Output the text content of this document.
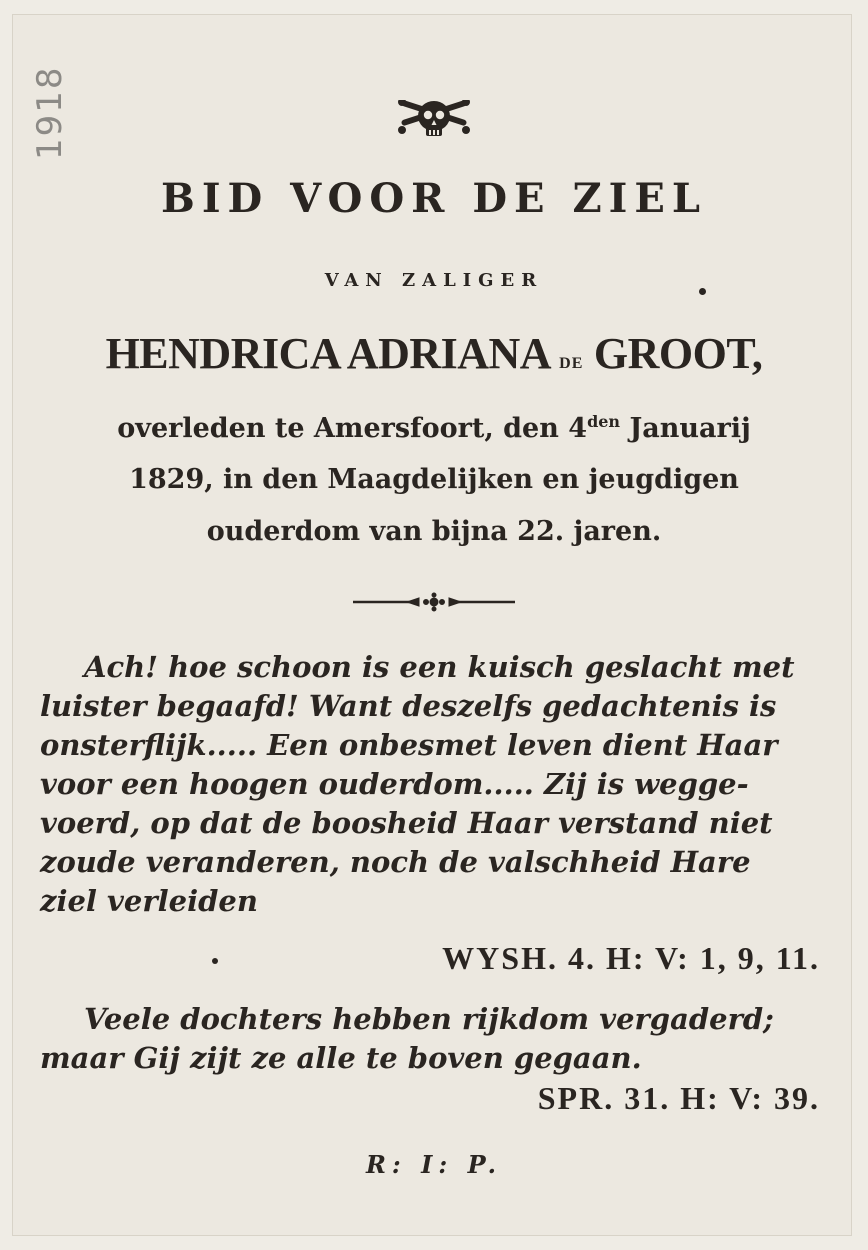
1918
BID VOOR DE ZIEL
VAN ZALIGER
HENDRICA ADRIANA DE GROOT,
overleden te Amersfoort, den $4^{den}$ Januarij
1829, in den Maagdelijken en jeugdigen
ouderdom van bijna 22. jaren.
Ach! hoe schoon is een kuisch geslacht met
luister begaafd! Want deszelfs gedachtenis is
onsterflijk..... Een onbesmet leven dient Haar
voor een hoogen ouderdom..... Zij is wegge-
voerd, op dat de boosheid Haar verstand niet
zoude veranderen, noch de valschheid Hare
ziel verleiden
WYSH. 4. H: V: 1, 9, 11.
Veele dochters hebben rijkdom vergaderd;
maar Gij zijt ze alle te boven gegaan.
SPR. 31. H: V: 39.
R: I: P.
